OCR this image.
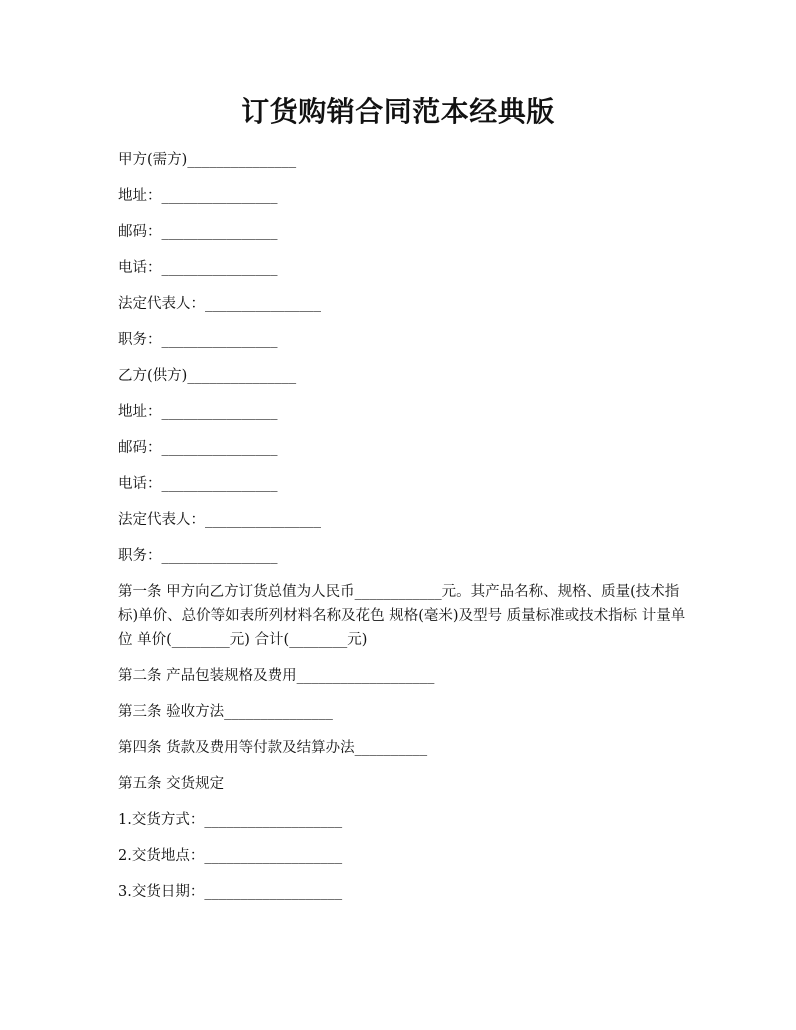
订货购销合同范本经典版

甲方(需方)_______________

地址：________________

邮码：________________

电话：________________

法定代表人：________________

职务：________________

乙方(供方)_______________

地址：________________

邮码：________________

电话：________________

法定代表人：________________

职务：________________

第一条 甲方向乙方订货总值为人民币____________元。其产品名称、规格、质量(技术指标)单价、总价等如表所列材料名称及花色 规格(毫米)及型号 质量标准或技术指标 计量单位 单价(________元) 合计(________元)

第二条 产品包装规格及费用___________________

第三条 验收方法_______________

第四条 货款及费用等付款及结算办法__________

第五条 交货规定

1.交货方式：___________________

2.交货地点：___________________

3.交货日期：___________________
